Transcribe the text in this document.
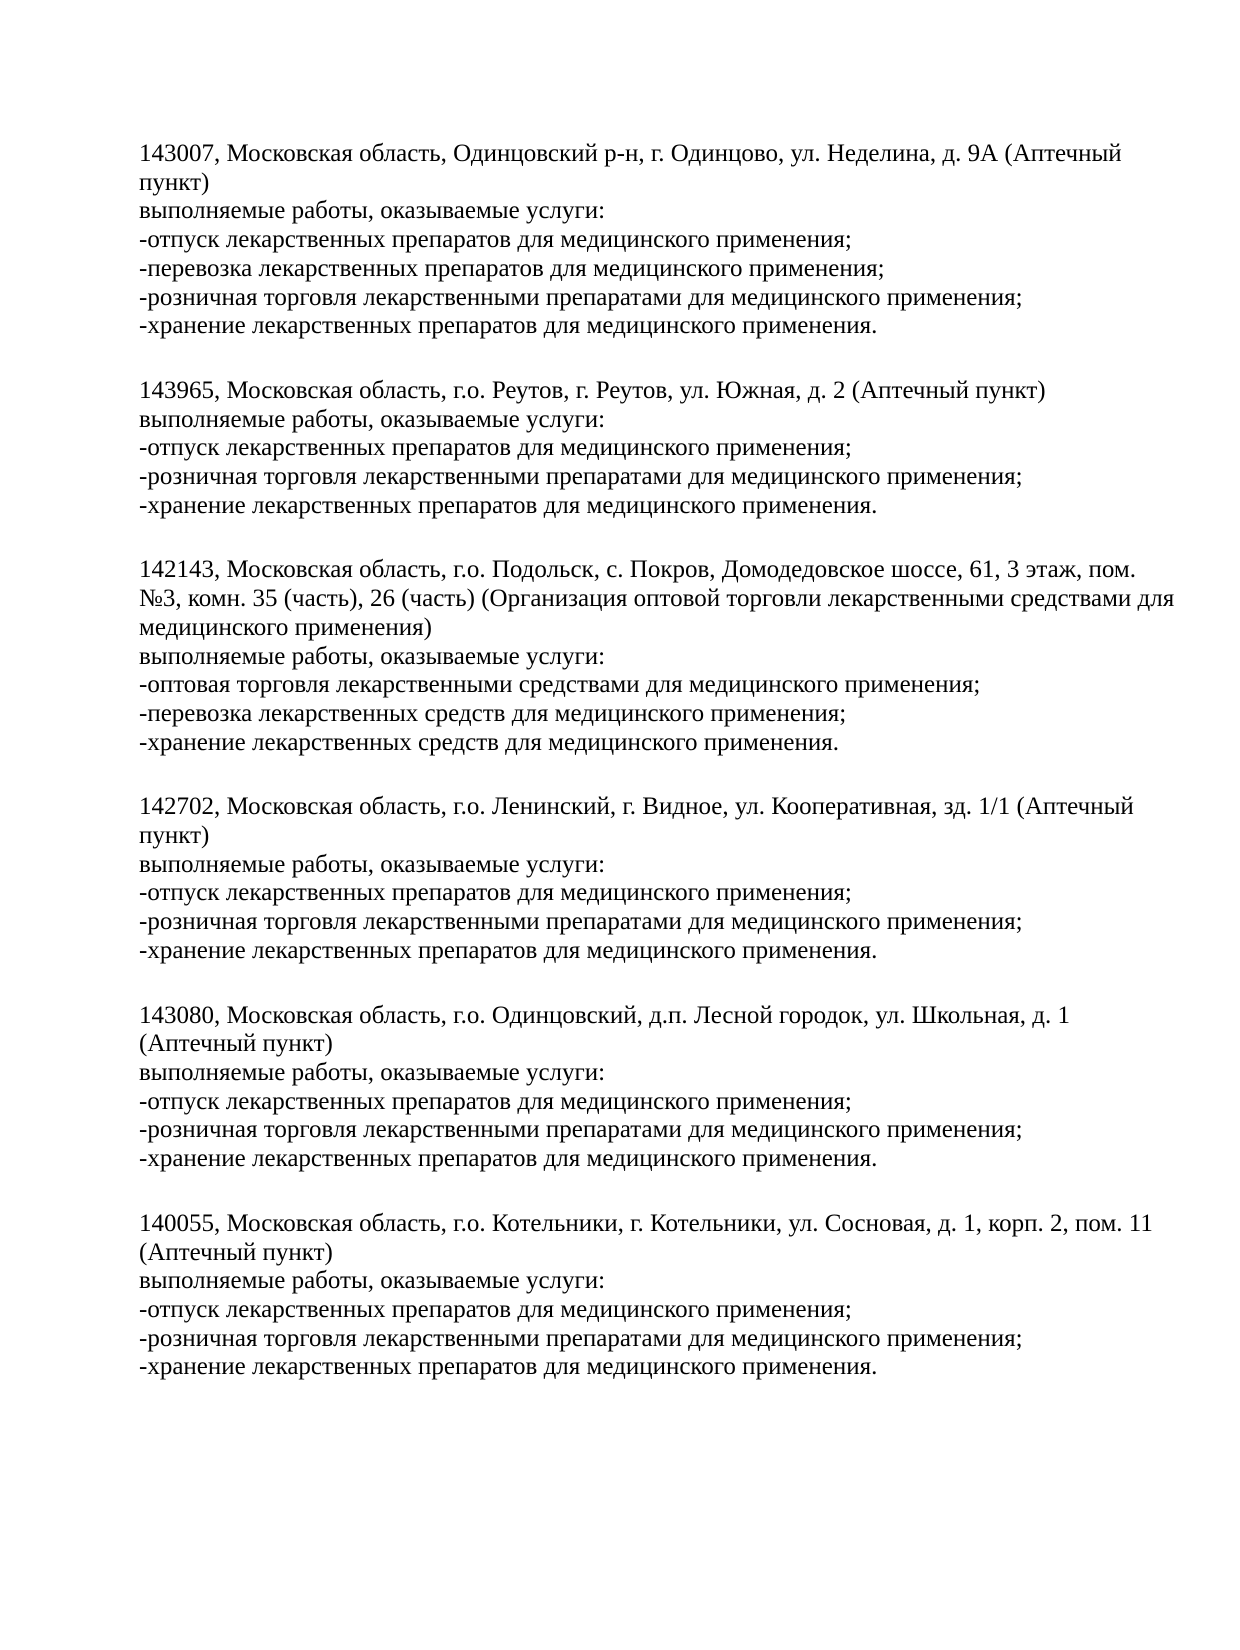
143007, Московская область, Одинцовский р-н, г. Одинцово, ул. Неделина, д. 9А (Аптечный
пункт)
выполняемые работы, оказываемые услуги:
-отпуск лекарственных препаратов для медицинского применения;
-перевозка лекарственных препаратов для медицинского применения;
-розничная торговля лекарственными препаратами для медицинского применения;
-хранение лекарственных препаратов для медицинского применения.
143965, Московская область, г.о. Реутов, г. Реутов, ул. Южная, д. 2 (Аптечный пункт)
выполняемые работы, оказываемые услуги:
-отпуск лекарственных препаратов для медицинского применения;
-розничная торговля лекарственными препаратами для медицинского применения;
-хранение лекарственных препаратов для медицинского применения.
142143, Московская область, г.о. Подольск, с. Покров, Домодедовское шоссе, 61, 3 этаж, пом.
№3, комн. 35 (часть), 26 (часть) (Организация оптовой торговли лекарственными средствами для
медицинского применения)
выполняемые работы, оказываемые услуги:
-оптовая торговля лекарственными средствами для медицинского применения;
-перевозка лекарственных средств для медицинского применения;
-хранение лекарственных средств для медицинского применения.
142702, Московская область, г.о. Ленинский, г. Видное, ул. Кооперативная, зд. 1/1 (Аптечный
пункт)
выполняемые работы, оказываемые услуги:
-отпуск лекарственных препаратов для медицинского применения;
-розничная торговля лекарственными препаратами для медицинского применения;
-хранение лекарственных препаратов для медицинского применения.
143080, Московская область, г.о. Одинцовский, д.п. Лесной городок, ул. Школьная, д. 1
(Аптечный пункт)
выполняемые работы, оказываемые услуги:
-отпуск лекарственных препаратов для медицинского применения;
-розничная торговля лекарственными препаратами для медицинского применения;
-хранение лекарственных препаратов для медицинского применения.
140055, Московская область, г.о. Котельники, г. Котельники, ул. Сосновая, д. 1, корп. 2, пом. 11
(Аптечный пункт)
выполняемые работы, оказываемые услуги:
-отпуск лекарственных препаратов для медицинского применения;
-розничная торговля лекарственными препаратами для медицинского применения;
-хранение лекарственных препаратов для медицинского применения.
